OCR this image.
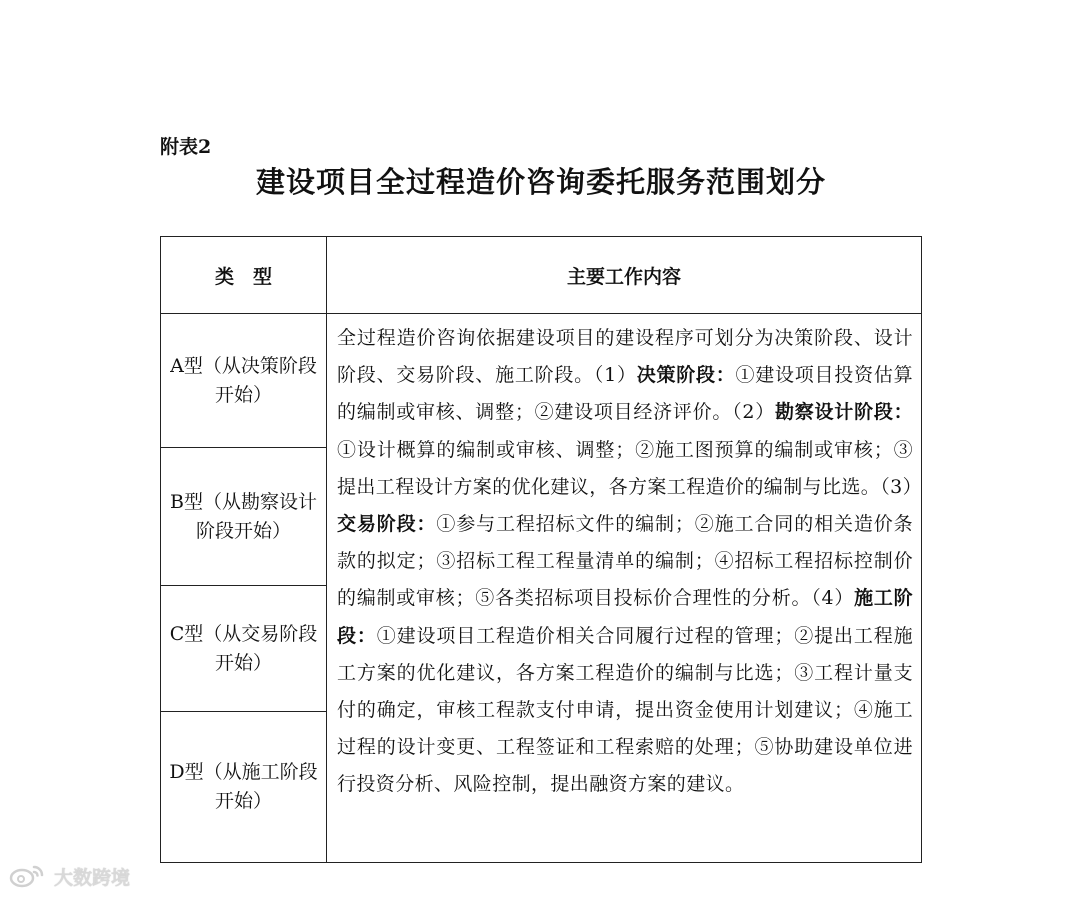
附表2
建设项目全过程造价咨询委托服务范围划分
类　型	主要工作内容

A型（从决策阶段
开始）	全过程造价咨询依据建设项目的建设程序可划分为决策阶段、设计阶段、交易阶段、施工阶段。（1）决策阶段：①建设项目投资估算的编制或审核、调整；②建设项目经济评价。（2）勘察设计阶段：①设计概算的编制或审核、调整；②施工图预算的编制或审核；③提出工程设计方案的优化建议，各方案工程造价的编制与比选。（3）交易阶段：①参与工程招标文件的编制；②施工合同的相关造价条款的拟定；③招标工程工程量清单的编制；④招标工程招标控制价的编制或审核；⑤各类招标项目投标价合理性的分析。（4）施工阶段：①建设项目工程造价相关合同履行过程的管理；②提出工程施工方案的优化建议，各方案工程造价的编制与比选；③工程计量支付的确定，审核工程款支付申请，提出资金使用计划建议；④施工过程的设计变更、工程签证和工程索赔的处理；⑤协助建设单位进行投资分析、风险控制，提出融资方案的建议。

B型（从勘察设计
阶段开始）	

C型（从交易阶段
开始）	

D型（从施工阶段
开始）	
大数跨境
